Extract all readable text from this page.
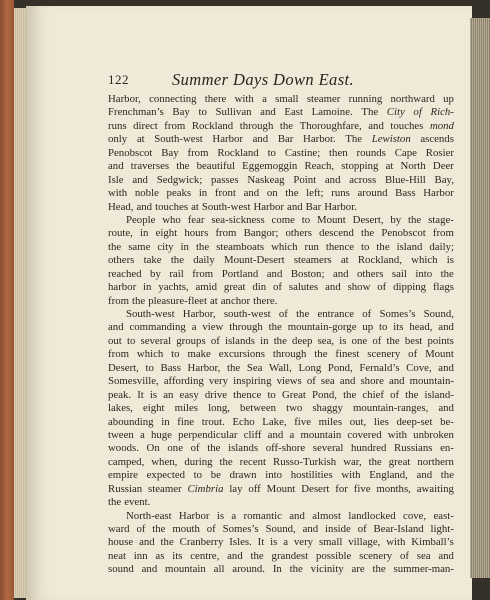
122	Summer Days Down East.
Harbor, connecting there with a small steamer running northward up
Frenchman’s Bay to Sullivan and East Lamoine. The City of Rich-
runs direct from Rockland through the Thoroughfare, and touches mond
only at South-west Harbor and Bar Harbor. The Lewiston ascends
Penobscot Bay from Rockland to Castine; then rounds Cape Rosier
and traverses the beautiful Eggemoggin Reach, stopping at North Deer
Isle and Sedgwick; passes Naskeag Point and across Blue-Hill Bay,
with noble peaks in front and on the left; runs around Bass Harbor
Head, and touches at South-west Harbor and Bar Harbor.
People who fear sea-sickness come to Mount Desert, by the stage-
route, in eight hours from Bangor; others descend the Penobscot from
the same city in the steamboats which run thence to the island daily;
others take the daily Mount-Desert steamers at Rockland, which is
reached by rail from Portland and Boston; and others sail into the
harbor in yachts, amid great din of salutes and show of dipping flags
from the pleasure-fleet at anchor there.
South-west Harbor, south-west of the entrance of Somes’s Sound,
and commanding a view through the mountain-gorge up to its head, and
out to several groups of islands in the deep sea, is one of the best points
from which to make excursions through the finest scenery of Mount
Desert, to Bass Harbor, the Sea Wall, Long Pond, Fernald’s Cove, and
Somesville, affording very inspiring views of sea and shore and mountain-
peak. It is an easy drive thence to Great Pond, the chief of the island-
lakes, eight miles long, between two shaggy mountain-ranges, and
abounding in fine trout. Echo Lake, five miles out, lies deep-set be-
tween a huge perpendicular cliff and a mountain covered with unbroken
woods. On one of the islands off-shore several hundred Russians en-
camped, when, during the recent Russo-Turkish war, the great northern
empire expected to be drawn into hostilities with England, and the
Russian steamer Cimbria lay off Mount Desert for five months, awaiting
the event.
North-east Harbor is a romantic and almost landlocked cove, east-
ward of the mouth of Somes’s Sound, and inside of Bear-Island light-
house and the Cranberry Isles. It is a very small village, with Kimball’s
neat inn as its centre, and the grandest possible scenery of sea and
sound and mountain all around. In the vicinity are the summer-man-
